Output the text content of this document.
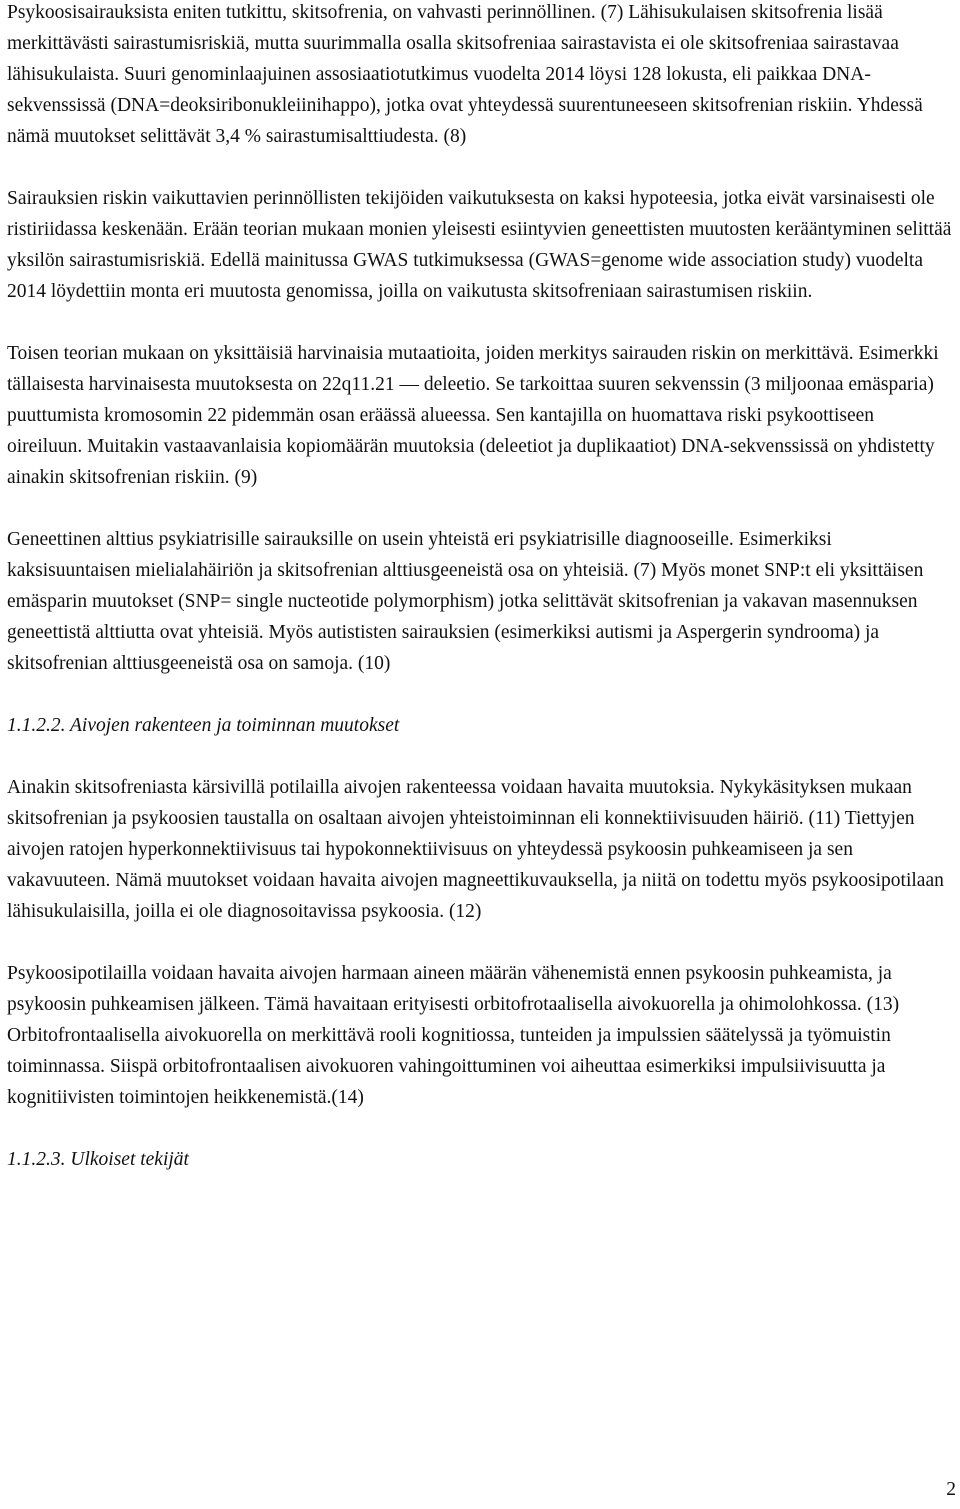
Psykoosisairauksista eniten tutkittu, skitsofrenia, on vahvasti perinnöllinen. (7) Lähisukulaisen skitsofrenia lisää merkittävästi sairastumisriskiä, mutta suurimmalla osalla skitsofreniaa sairastavista ei ole skitsofreniaa sairastavaa lähisukulaista. Suuri genominlaajuinen assosiaatiotutkimus vuodelta 2014 löysi 128 lokusta, eli paikkaa DNA-sekvenssissä (DNA=deoksiribonukleiinihappo), jotka ovat yhteydessä suurentuneeseen skitsofrenian riskiin. Yhdessä nämä muutokset selittävät 3,4 % sairastumisalttiudesta. (8)

Sairauksien riskin vaikuttavien perinnöllisten tekijöiden vaikutuksesta on kaksi hypoteesia, jotka eivät varsinaisesti ole ristiriidassa keskenään. Erään teorian mukaan monien yleisesti esiintyvien geneettisten muutosten kerääntyminen selittää yksilön sairastumisriskiä. Edellä mainitussa GWAS tutkimuksessa (GWAS=genome wide association study) vuodelta 2014 löydettiin monta eri muutosta genomissa, joilla on vaikutusta skitsofreniaan sairastumisen riskiin.

Toisen teorian mukaan on yksittäisiä harvinaisia mutaatioita, joiden merkitys sairauden riskin on merkittävä. Esimerkki tällaisesta harvinaisesta muutoksesta on 22q11.21 — deleetio. Se tarkoittaa suuren sekvenssin (3 miljoonaa emäsparia) puuttumista kromosomin 22 pidemmän osan eräässä alueessa. Sen kantajilla on huomattava riski psykoottiseen oireiluun. Muitakin vastaavanlaisia kopiomäärän muutoksia (deleetiot ja duplikaatiot) DNA-sekvenssissä on yhdistetty ainakin skitsofrenian riskiin. (9)

Geneettinen alttius psykiatrisille sairauksille on usein yhteistä eri psykiatrisille diagnooseille. Esimerkiksi kaksisuuntaisen mielialahäiriön ja skitsofrenian alttiusgeeneistä osa on yhteisiä. (7) Myös monet SNP:t eli yksittäisen emäsparin muutokset (SNP= single nucteotide polymorphism) jotka selittävät skitsofrenian ja vakavan masennuksen geneettistä alttiutta ovat yhteisiä. Myös autististen sairauksien (esimerkiksi autismi ja Aspergerin syndrooma) ja skitsofrenian alttiusgeeneistä osa on samoja. (10)

1.1.2.2. Aivojen rakenteen ja toiminnan muutokset

Ainakin skitsofreniasta kärsivillä potilailla aivojen rakenteessa voidaan havaita muutoksia. Nykykäsityksen mukaan skitsofrenian ja psykoosien taustalla on osaltaan aivojen yhteistoiminnan eli konnektiivisuuden häiriö. (11) Tiettyjen aivojen ratojen hyperkonnektiivisuus tai hypokonnektiivisuus on yhteydessä psykoosin puhkeamiseen ja sen vakavuuteen. Nämä muutokset voidaan havaita aivojen magneettikuvauksella, ja niitä on todettu myös psykoosipotilaan lähisukulaisilla, joilla ei ole diagnosoitavissa psykoosia. (12)

Psykoosipotilailla voidaan havaita aivojen harmaan aineen määrän vähenemistä ennen psykoosin puhkeamista, ja psykoosin puhkeamisen jälkeen. Tämä havaitaan erityisesti orbitofrotaalisella aivokuorella ja ohimolohkossa. (13) Orbitofrontaalisella aivokuorella on merkittävä rooli kognitiossa, tunteiden ja impulssien säätelyssä ja työmuistin toiminnassa. Siispä orbitofrontaalisen aivokuoren vahingoittuminen voi aiheuttaa esimerkiksi impulsiivisuutta ja kognitiivisten toimintojen heikkenemistä.(14)

1.1.2.3. Ulkoiset tekijät

2
